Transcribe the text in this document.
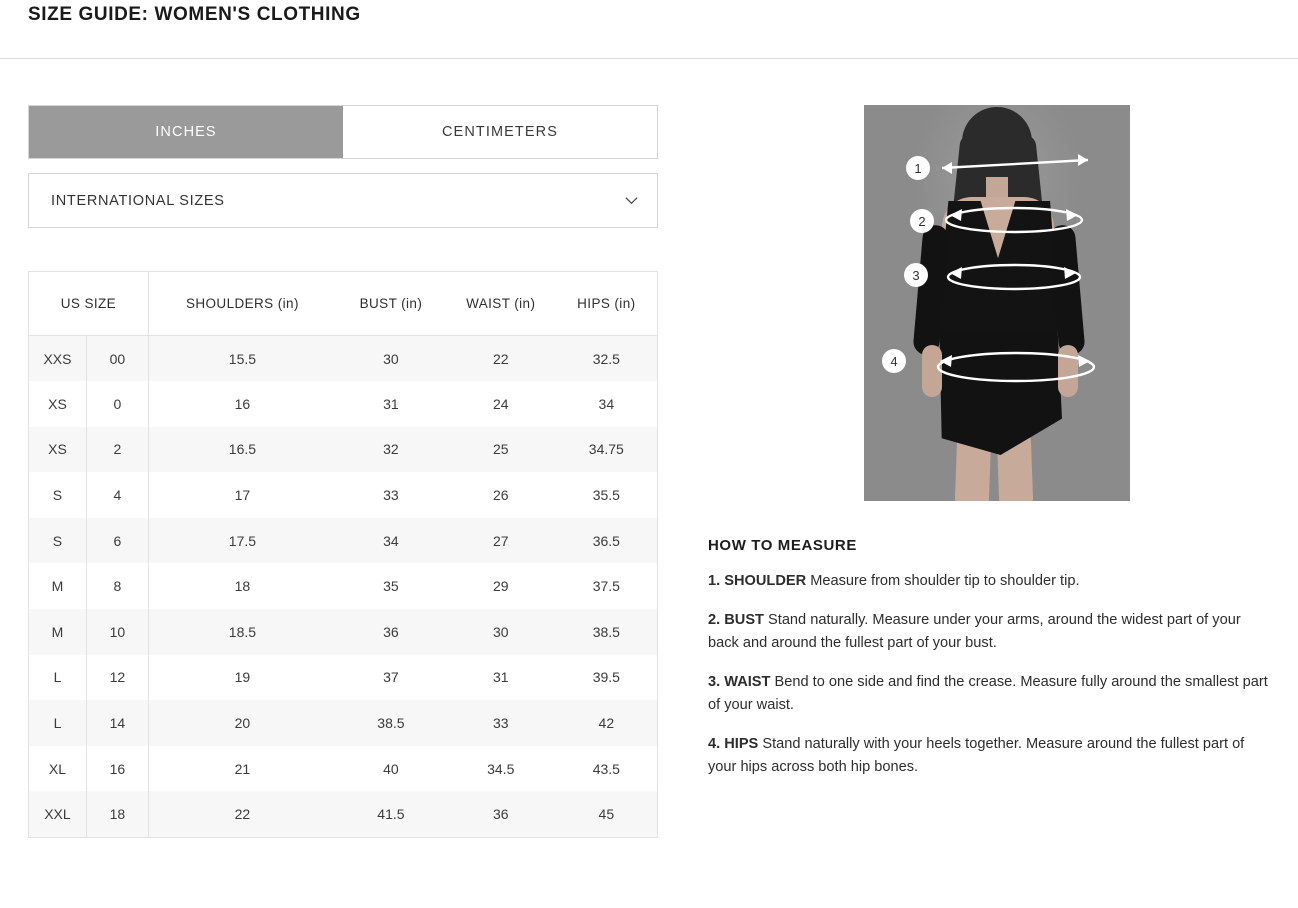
SIZE GUIDE: WOMEN'S CLOTHING
INCHES	CENTIMETERS
INTERNATIONAL SIZES
US SIZE		SHOULDERS (in)	BUST (in)	WAIST (in)	HIPS (in)
XXS	00	15.5	30	22	32.5
XS	0	16	31	24	34
XS	2	16.5	32	25	34.75
S	4	17	33	26	35.5
S	6	17.5	34	27	36.5
M	8	18	35	29	37.5
M	10	18.5	36	30	38.5
L	12	19	37	31	39.5
L	14	20	38.5	33	42
XL	16	21	40	34.5	43.5
XXL	18	22	41.5	36	45
1
2
3
4
HOW TO MEASURE

1. SHOULDER Measure from shoulder tip to shoulder tip.

2. BUST Stand naturally. Measure under your arms, around the widest part of your back and around the fullest part of your bust.

3. WAIST Bend to one side and find the crease. Measure fully around the smallest part of your waist.

4. HIPS Stand naturally with your heels together. Measure around the fullest part of your hips across both hip bones.
